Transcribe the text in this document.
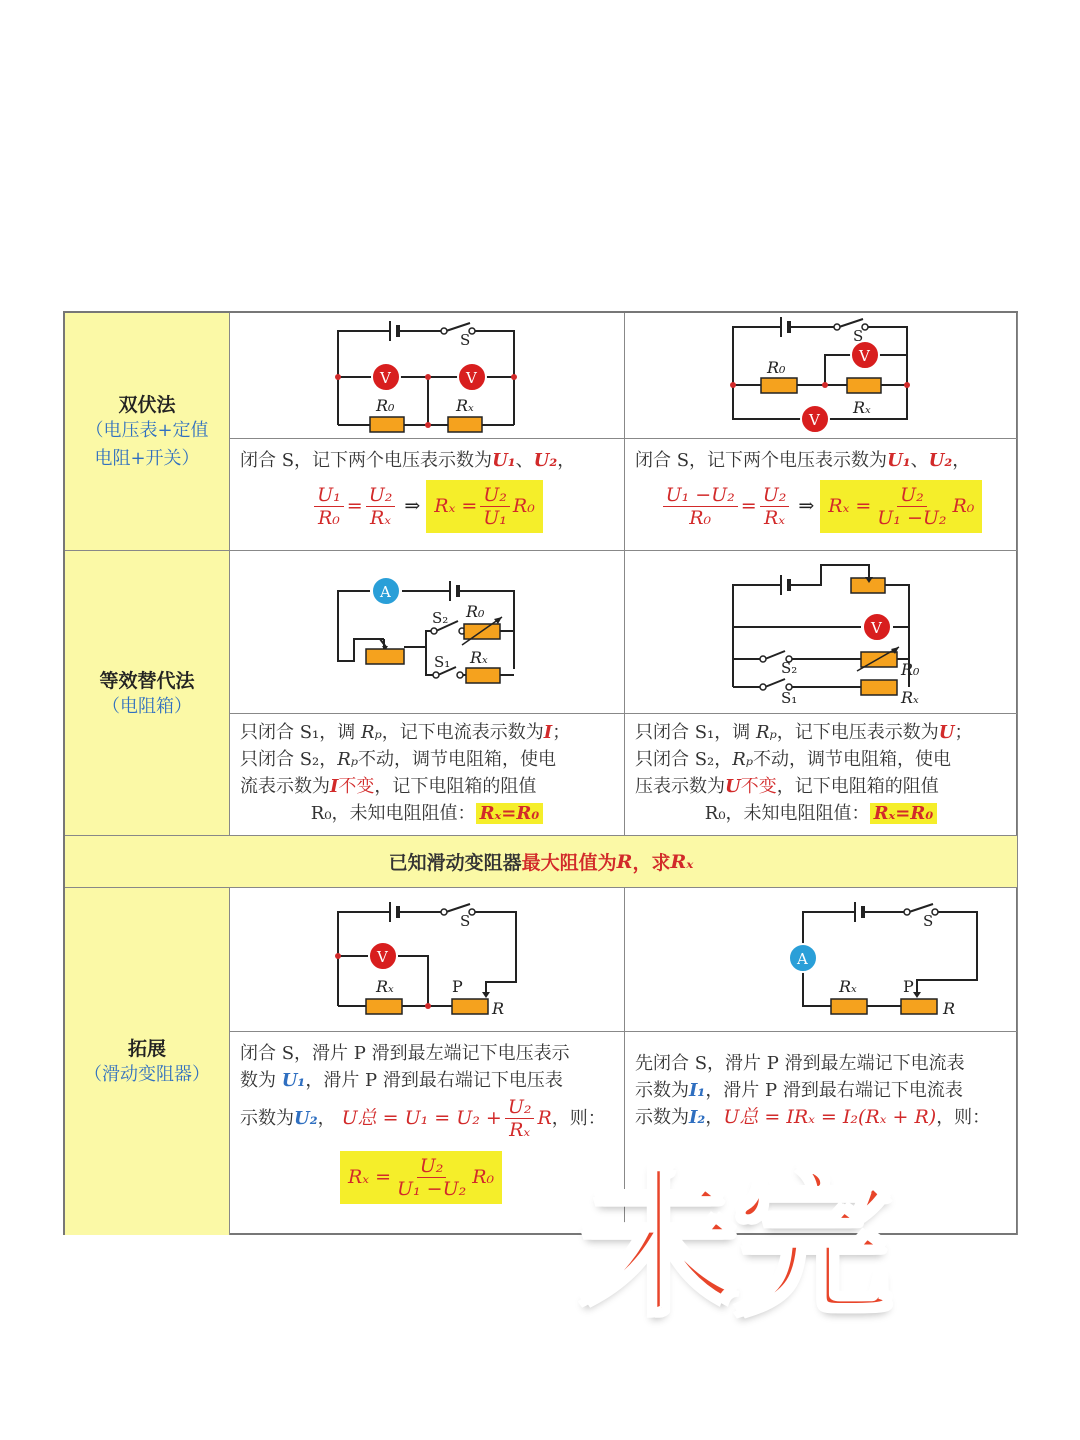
双伏法
（电压表+定值
电阻+开关）
V	V
R₀	Rₓ
S
V
V
R₀
Rₓ
S
闭合 S，记下两个电压表示数为U₁、U₂，
$\frac{\text{U₁}}{\text{R₀}} = \frac{\text{U₂}}{\text{Rₓ}}$ ⇒ $R_x = \frac{\text{U₂}}{\text{U₁}} R_0$
闭合 S，记下两个电压表示数为U₁、U₂，
$\frac{\text{U₁ −U₂}}{\text{R₀}} = \frac{\text{U₂}}{\text{Rₓ}}$ ⇒ $R_x = \frac{\text{U₂}}{\text{U₁ −U₂}} R_0$
等效替代法
（电阻箱）
A
S₂ R₀
S₁ Rₓ
V
S₂	R₀
S₁	Rₓ
只闭合 S₁，调 Rₚ，记下电流表示数为I；
只闭合 S₂，Rₚ不动，调节电阻箱，使电
流表示数为I不变，记下电阻箱的阻值
R₀，未知电阻阻值： Rₓ=R₀
只闭合 S₁，调 Rₚ，记下电压表示数为U；
只闭合 S₂，Rₚ不动，调节电阻箱，使电
压表示数为U不变，记下电阻箱的阻值
R₀，未知电阻阻值： Rₓ=R₀
已知滑动变阻器 最大阻值为 R ，求 Rₓ
拓展
（滑动变阻器）
V
Rₓ	P
R
S
A
Rₓ	P
R
S
闭合 S，滑片 P 滑到最左端记下电压表示
数为 U₁，滑片 P 滑到最右端记下电压表
示数为 U₂ ， U总 = $U_1 = U_2 + \frac{\text{U₂}}{\text{Rₓ}}$ R ，则：
$R_x = \frac{\text{U₂}}{\text{U₁ −U₂}} R_0$
先闭合 S，滑片 P 滑到最左端记下电流表
示数为I₁，滑片 P 滑到最右端记下电流表
示数为I₂，U总 = IRₓ = I₂(Rₓ + R)，则：
未完
